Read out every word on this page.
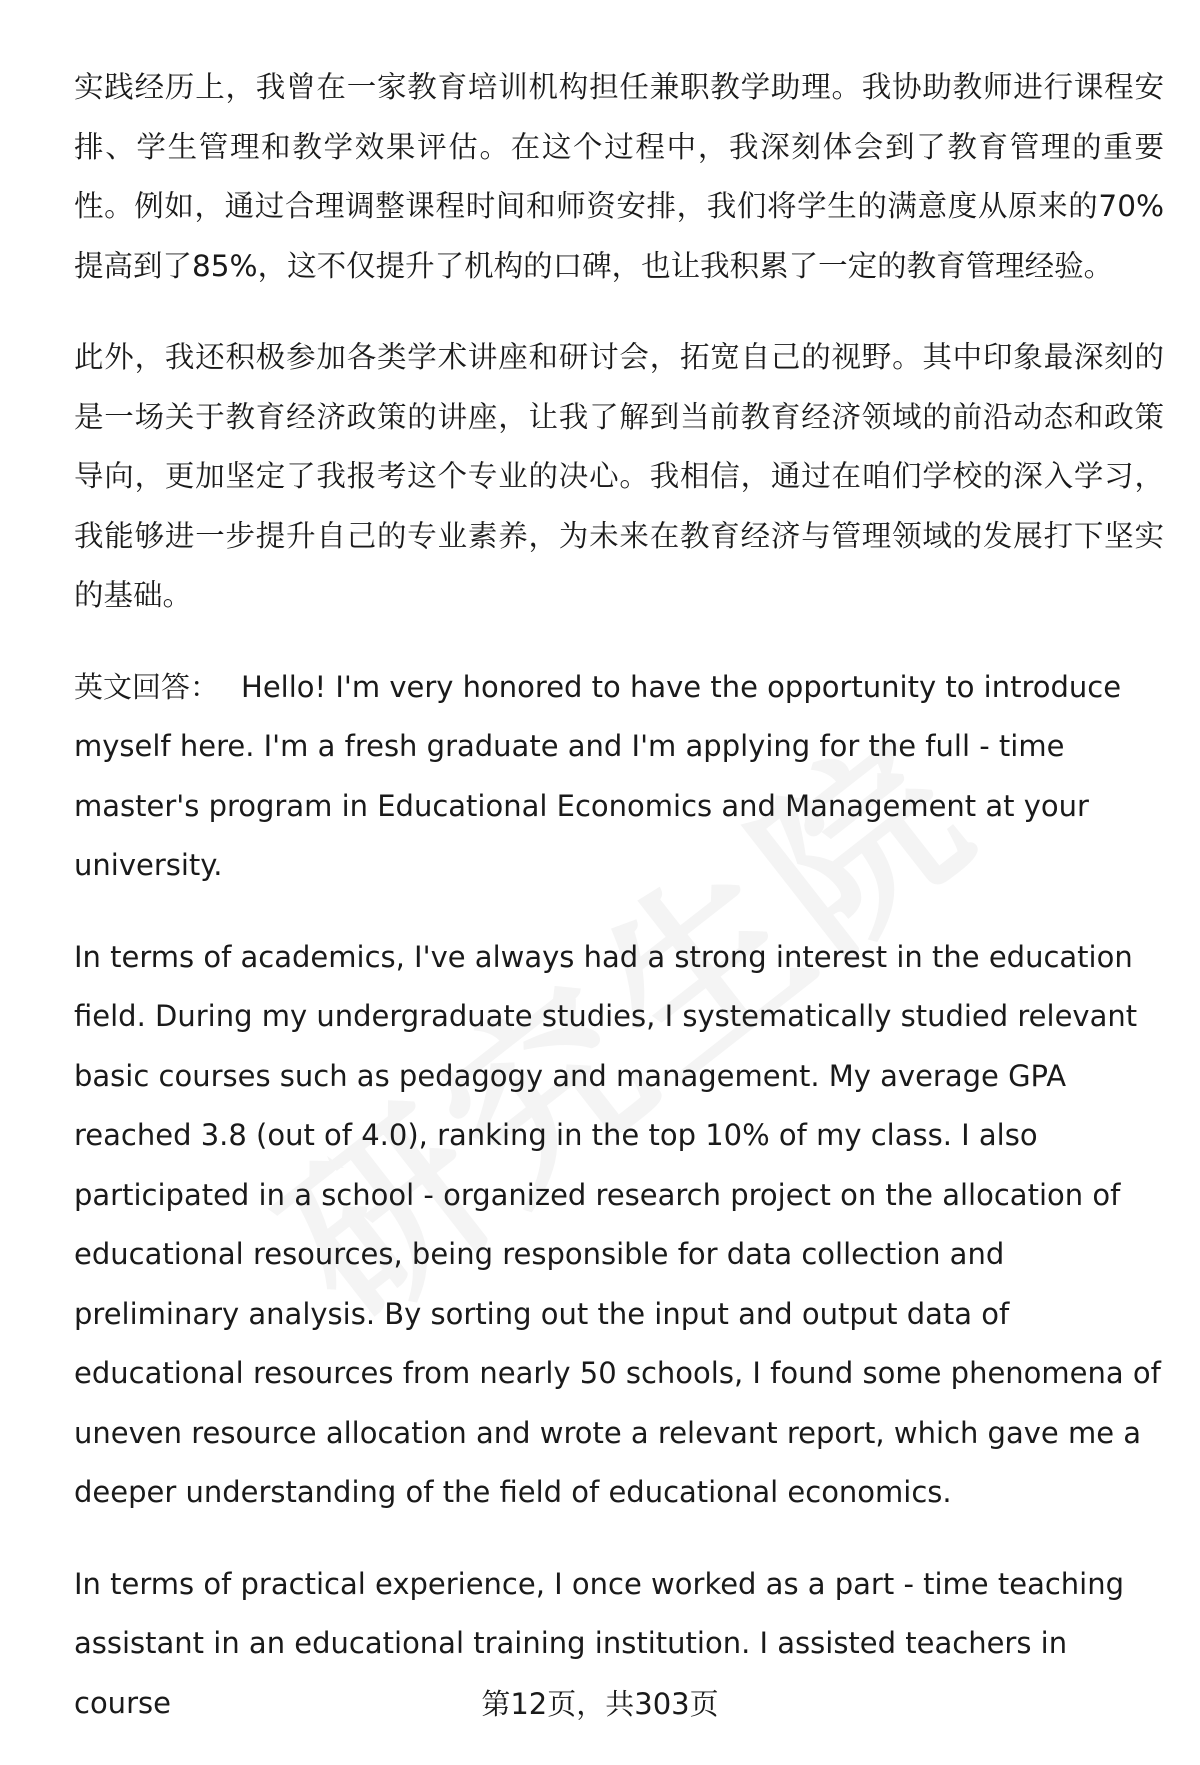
实践经历上，我曾在一家教育培训机构担任兼职教学助理。我协助教师进行课程安排、学生管理和教学效果评估。在这个过程中，我深刻体会到了教育管理的重要性。例如，通过合理调整课程时间和师资安排，我们将学生的满意度从原来的70%提高到了85%，这不仅提升了机构的口碑，也让我积累了一定的教育管理经验。

此外，我还积极参加各类学术讲座和研讨会，拓宽自己的视野。其中印象最深刻的是一场关于教育经济政策的讲座，让我了解到当前教育经济领域的前沿动态和政策导向，更加坚定了我报考这个专业的决心。我相信，通过在咱们学校的深入学习，我能够进一步提升自己的专业素养，为未来在教育经济与管理领域的发展打下坚实的基础。

英文回答： Hello! I'm very honored to have the opportunity to introduce myself here. I'm a fresh graduate and I'm applying for the full - time master's program in Educational Economics and Management at your university.

In terms of academics, I've always had a strong interest in the education field. During my undergraduate studies, I systematically studied relevant basic courses such as pedagogy and management. My average GPA reached 3.8 (out of 4.0), ranking in the top 10% of my class. I also participated in a school - organized research project on the allocation of educational resources, being responsible for data collection and preliminary analysis. By sorting out the input and output data of educational resources from nearly 50 schools, I found some phenomena of uneven resource allocation and wrote a relevant report, which gave me a deeper understanding of the field of educational economics.

In terms of practical experience, I once worked as a part - time teaching assistant in an educational training institution. I assisted teachers in course	第12页，共303页
